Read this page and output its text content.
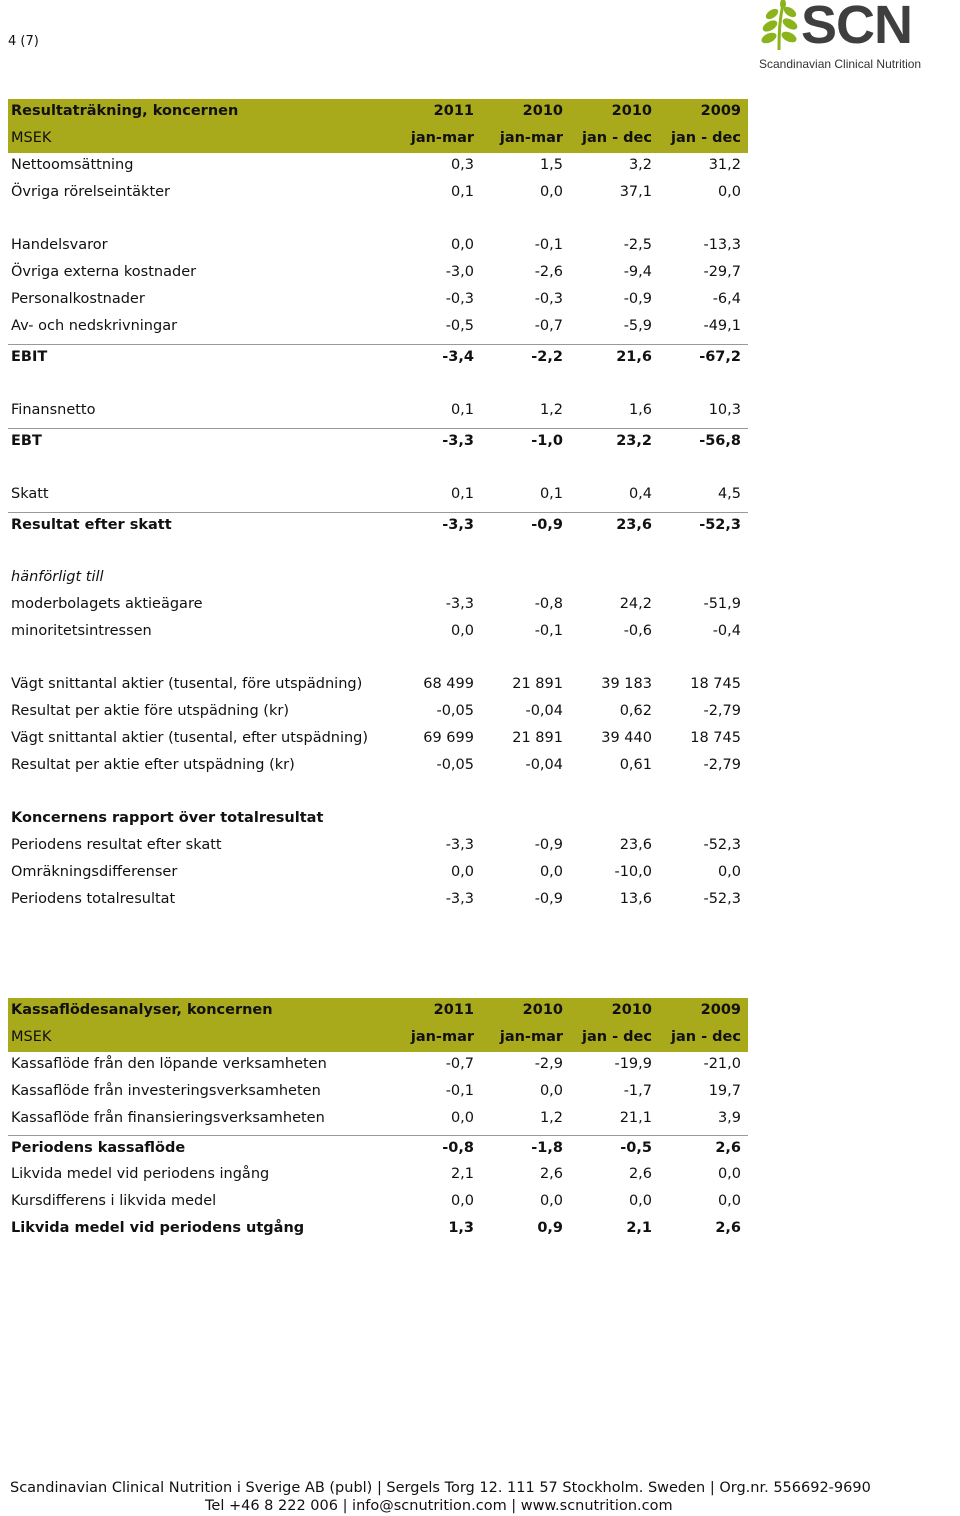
4 (7)	SCN
Scandinavian Clinical Nutrition
Resultaträkning, koncernen	2011	2010	2010	2009
MSEK	jan-mar	jan-mar	jan - dec	jan - dec
Nettoomsättning	0,3	1,5	3,2	31,2
Övriga rörelseintäkter	0,1	0,0	37,1	0,0
Handelsvaror	0,0	-0,1	-2,5	-13,3
Övriga externa kostnader	-3,0	-2,6	-9,4	-29,7
Personalkostnader	-0,3	-0,3	-0,9	-6,4
Av- och nedskrivningar	-0,5	-0,7	-5,9	-49,1
EBIT	-3,4	-2,2	21,6	-67,2
Finansnetto	0,1	1,2	1,6	10,3
EBT	-3,3	-1,0	23,2	-56,8
Skatt	0,1	0,1	0,4	4,5
Resultat efter skatt	-3,3	-0,9	23,6	-52,3
hänförligt till
moderbolagets aktieägare	-3,3	-0,8	24,2	-51,9
minoritetsintressen	0,0	-0,1	-0,6	-0,4
Vägt snittantal aktier (tusental, före utspädning)	68 499	21 891	39 183	18 745
Resultat per aktie före utspädning (kr)	-0,05	-0,04	0,62	-2,79
Vägt snittantal aktier (tusental, efter utspädning)	69 699	21 891	39 440	18 745
Resultat per aktie efter utspädning (kr)	-0,05	-0,04	0,61	-2,79
Koncernens rapport över totalresultat
Periodens resultat efter skatt	-3,3	-0,9	23,6	-52,3
Omräkningsdifferenser	0,0	0,0	-10,0	0,0
Periodens totalresultat	-3,3	-0,9	13,6	-52,3
Kassaflödesanalyser, koncernen	2011	2010	2010	2009
MSEK	jan-mar	jan-mar	jan - dec	jan - dec
Kassaflöde från den löpande verksamheten	-0,7	-2,9	-19,9	-21,0
Kassaflöde från investeringsverksamheten	-0,1	0,0	-1,7	19,7
Kassaflöde från finansieringsverksamheten	0,0	1,2	21,1	3,9
Periodens kassaflöde	-0,8	-1,8	-0,5	2,6
Likvida medel vid periodens ingång	2,1	2,6	2,6	0,0
Kursdifferens i likvida medel	0,0	0,0	0,0	0,0
Likvida medel vid periodens utgång	1,3	0,9	2,1	2,6
Scandinavian Clinical Nutrition i Sverige AB (publ) | Sergels Torg 12. 111 57 Stockholm. Sweden | Org.nr. 556692-9690
Tel +46 8 222 006 | info@scnutrition.com | www.scnutrition.com
